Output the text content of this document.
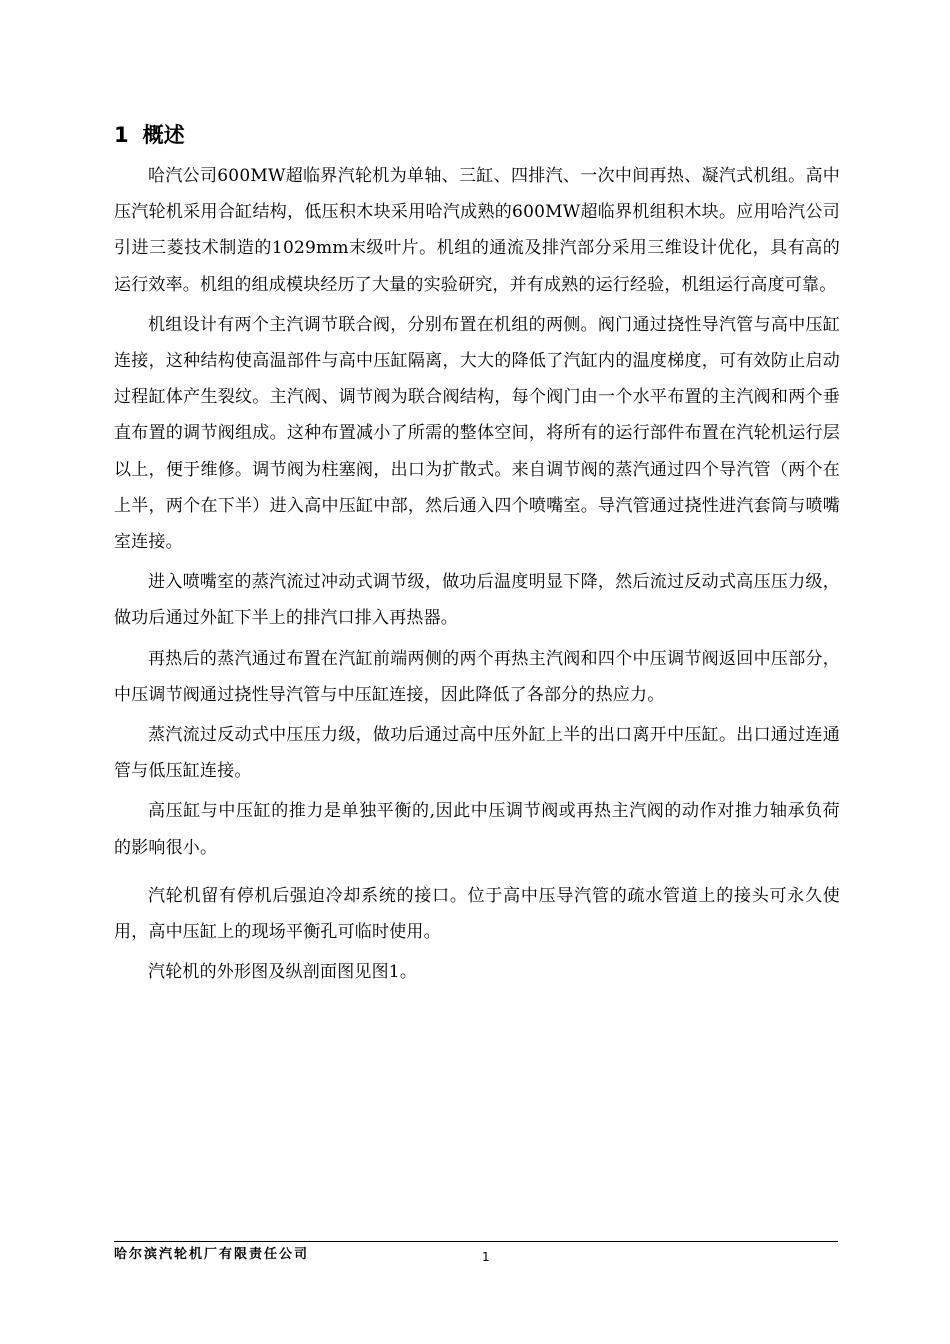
1 概述

哈汽公司600MW超临界汽轮机为单轴、三缸、四排汽、一次中间再热、凝汽式机组。高中压汽轮机采用合缸结构，低压积木块采用哈汽成熟的600MW超临界机组积木块。应用哈汽公司引进三菱技术制造的1029mm末级叶片。机组的通流及排汽部分采用三维设计优化，具有高的运行效率。机组的组成模块经历了大量的实验研究，并有成熟的运行经验，机组运行高度可靠。

机组设计有两个主汽调节联合阀，分别布置在机组的两侧。阀门通过挠性导汽管与高中压缸连接，这种结构使高温部件与高中压缸隔离，大大的降低了汽缸内的温度梯度，可有效防止启动过程缸体产生裂纹。主汽阀、调节阀为联合阀结构，每个阀门由一个水平布置的主汽阀和两个垂直布置的调节阀组成。这种布置减小了所需的整体空间，将所有的运行部件布置在汽轮机运行层以上，便于维修。调节阀为柱塞阀，出口为扩散式。来自调节阀的蒸汽通过四个导汽管（两个在上半，两个在下半）进入高中压缸中部，然后通入四个喷嘴室。导汽管通过挠性进汽套筒与喷嘴室连接。

进入喷嘴室的蒸汽流过冲动式调节级，做功后温度明显下降，然后流过反动式高压压力级，做功后通过外缸下半上的排汽口排入再热器。

再热后的蒸汽通过布置在汽缸前端两侧的两个再热主汽阀和四个中压调节阀返回中压部分，中压调节阀通过挠性导汽管与中压缸连接，因此降低了各部分的热应力。

蒸汽流过反动式中压压力级，做功后通过高中压外缸上半的出口离开中压缸。出口通过连通管与低压缸连接。

高压缸与中压缸的推力是单独平衡的,因此中压调节阀或再热主汽阀的动作对推力轴承负荷的影响很小。

汽轮机留有停机后强迫冷却系统的接口。位于高中压导汽管的疏水管道上的接头可永久使用，高中压缸上的现场平衡孔可临时使用。

汽轮机的外形图及纵剖面图见图1。

哈尔滨汽轮机厂有限责任公司	1
